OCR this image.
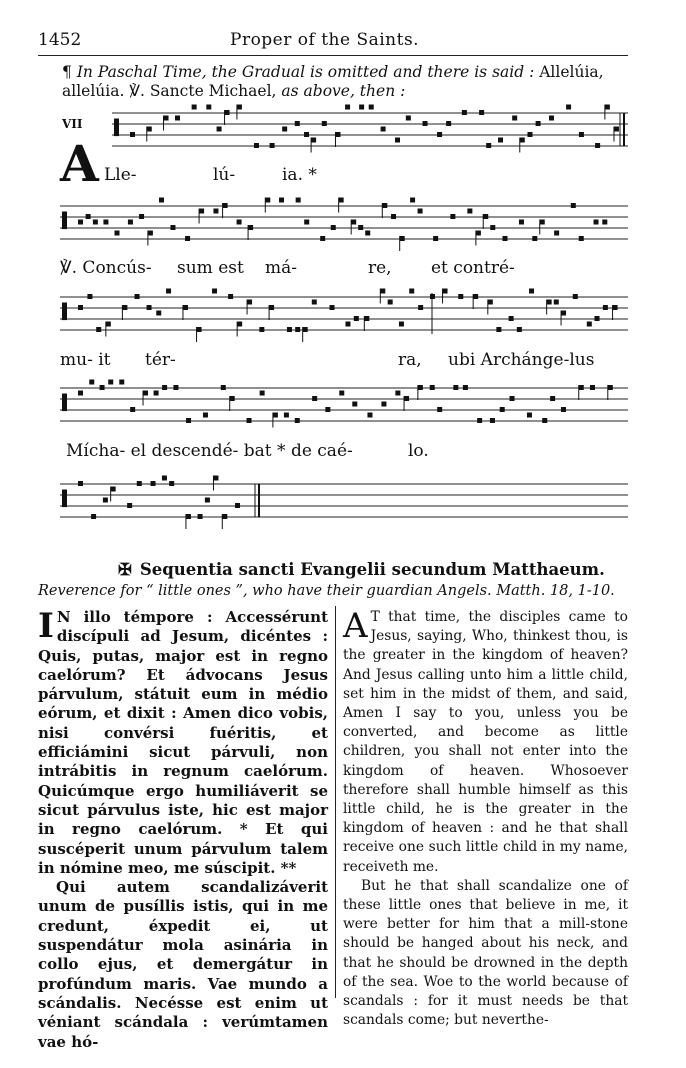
1452	Proper of the Saints.
¶ In Paschal Time, the Gradual is omitted and there is said : Allelúia, allelúia. ℣. Sancte Michael, as above, then :
VII
A Lle-	lú-	ia. *
℣. Concús- sum est má-	re, et contré-
mu- it tér-	ra, ubi Archánge-lus
Mícha- el descendé- bat * de caé-	lo.
✠ Sequentia sancti Evangelii secundum Matthaeum.
Reverence for “ little ones ”, who have their guardian Angels. Matth. 18, 1-10.

I N illo témpore : Accessérunt discípuli ad Jesum, dicéntes : Quis, putas, major est in regno caelórum? Et ádvocans Jesus párvulum, státuit eum in médio eórum, et dixit : Amen dico vobis, nisi convérsi fuéritis, et efficiámini sicut párvuli, non intrábitis in regnum caelórum. Quicúmque ergo humiliáverit se sicut párvulus iste, hic est major in regno caelórum. * Et qui suscéperit unum párvulum talem in nómine meo, me súscipit. **

Qui autem scandalizáverit unum de pusíllis istis, qui in me credunt, éxpedit ei, ut suspendátur mola asinária in collo ejus, et demergátur in profúndum maris. Vae mundo a scándalis. Necésse est enim ut véniant scándala : verúmtamen vae hó-

A T that time, the disciples came to Jesus, saying, Who, thinkest thou, is the greater in the kingdom of heaven? And Jesus calling unto him a little child, set him in the midst of them, and said, Amen I say to you, unless you be converted, and become as little children, you shall not enter into the kingdom of heaven. Whosoever therefore shall humble himself as this little child, he is the greater in the kingdom of heaven : and he that shall receive one such little child in my name, receiveth me.

But he that shall scandalize one of these little ones that believe in me, it were better for him that a mill-stone should be hanged about his neck, and that he should be drowned in the depth of the sea. Woe to the world because of scandals : for it must needs be that scandals come; but neverthe-
